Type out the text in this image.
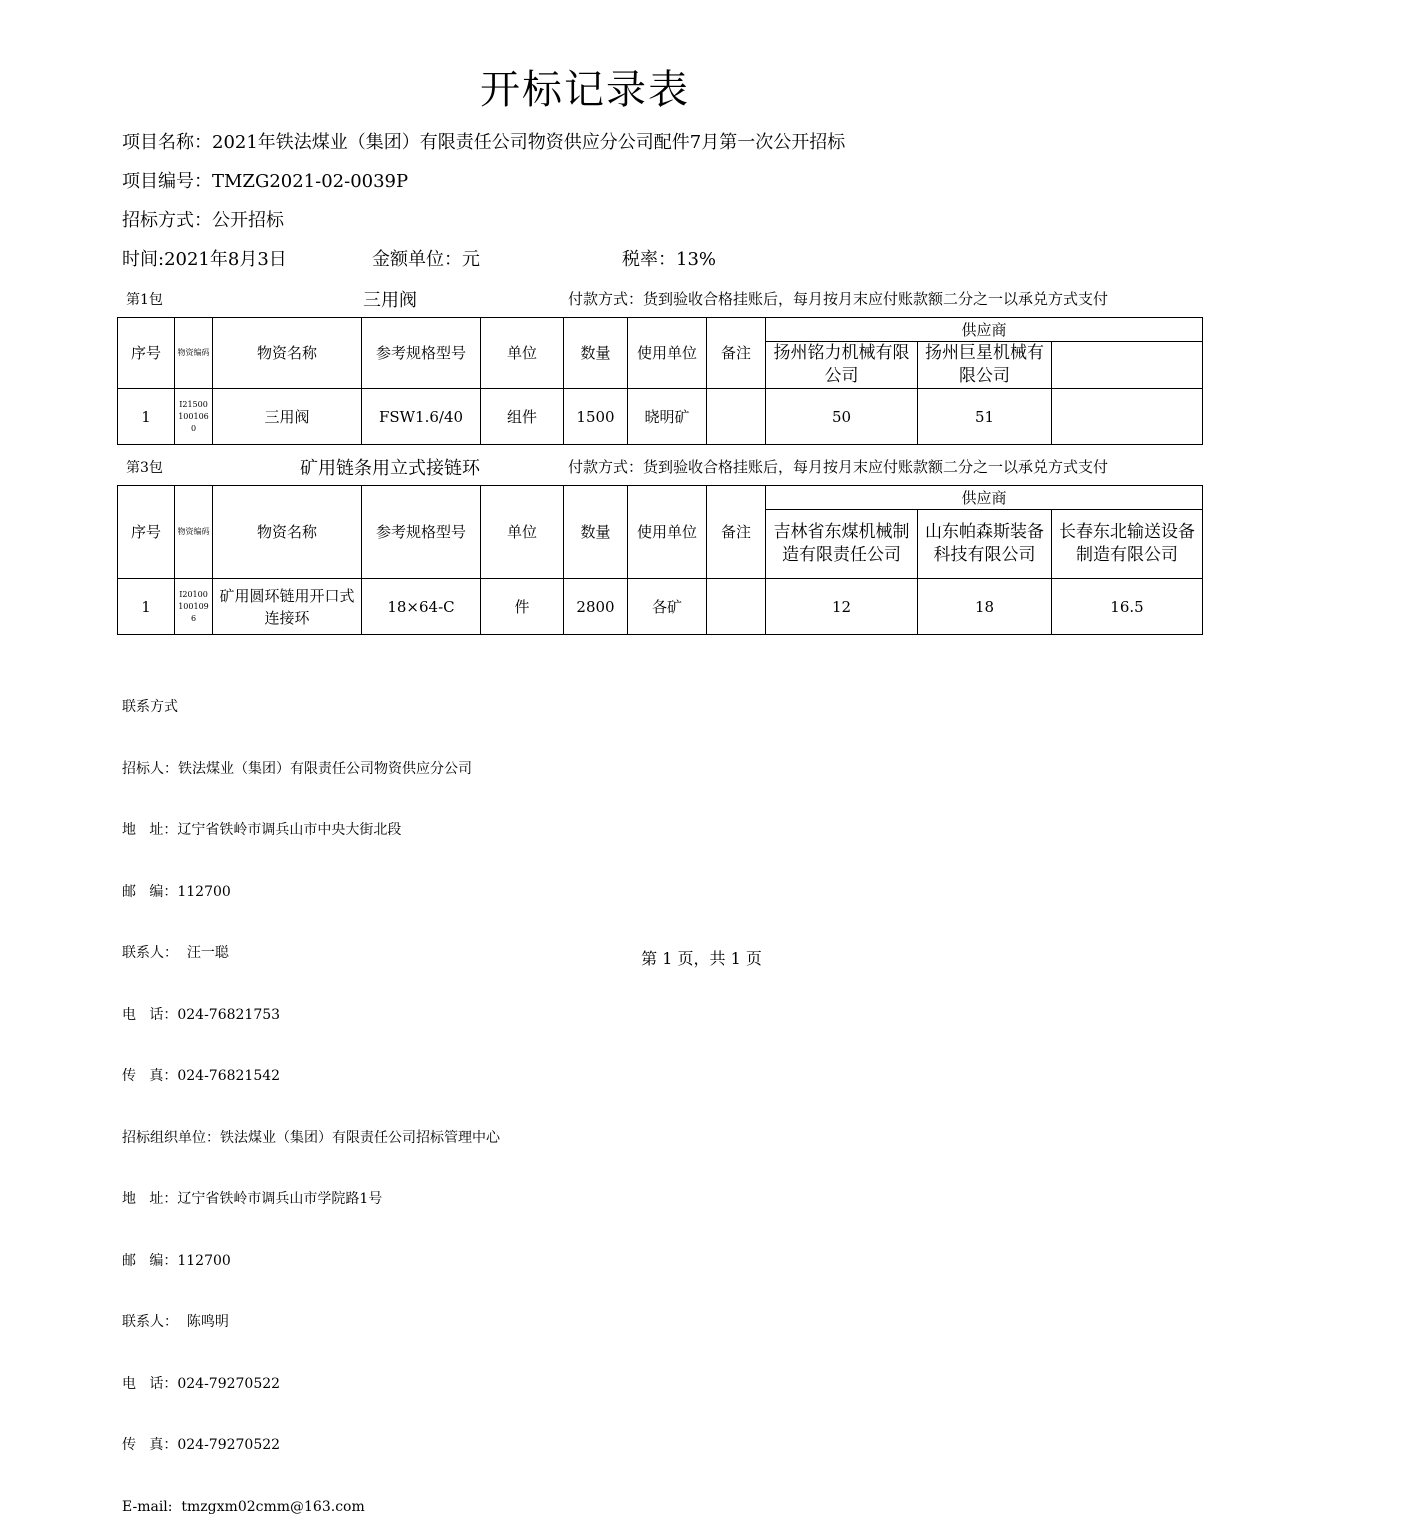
开标记录表
项目名称：2021年铁法煤业（集团）有限责任公司物资供应分公司配件7月第一次公开招标
项目编号：TMZG2021-02-0039P
招标方式：公开招标
时间:2021年8月3日	金额单位：元	税率：13%
第1包	三用阀	付款方式：货到验收合格挂账后，每月按月末应付账款额二分之一以承兑方式支付
序号	物资编码	物资名称	参考规格型号	单位	数量	使用单位	备注	供应商		
								扬州铭力机械有限公司	扬州巨星机械有限公司	
1	I215001001060	三用阀	FSW1.6/40	组件	1500	晓明矿		50	51	
第3包	矿用链条用立式接链环	付款方式：货到验收合格挂账后，每月按月末应付账款额二分之一以承兑方式支付
序号	物资编码	物资名称	参考规格型号	单位	数量	使用单位	备注	供应商		
								吉林省东煤机械制造有限责任公司	山东帕森斯装备科技有限公司	长春东北输送设备制造有限公司
1	I201001001096	矿用圆环链用开口式连接环	18×64-C	件	2800	各矿		12	18	16.5

联系方式

招标人：铁法煤业（集团）有限责任公司物资供应分公司

地   址：辽宁省铁岭市调兵山市中央大街北段

邮   编：112700

联系人：  汪一聪

电   话：024-76821753

传   真：024-76821542

招标组织单位：铁法煤业（集团）有限责任公司招标管理中心

地   址：辽宁省铁岭市调兵山市学院路1号

邮   编：112700

联系人：  陈鸣明

电   话：024-79270522

传   真：024-79270522

E-mail:  tmzgxm02cmm@163.com

第 1 页，共 1 页
